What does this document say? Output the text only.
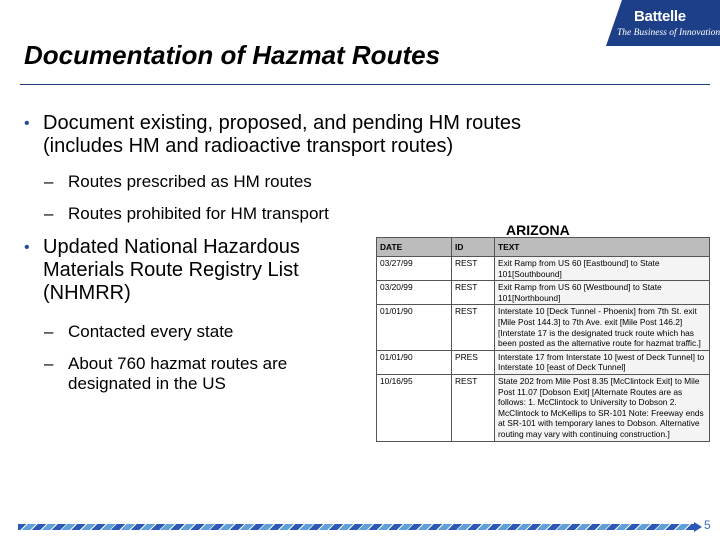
Battelle
The Business of Innovation
Documentation of Hazmat Routes
• Document existing, proposed, and pending HM routes
(includes HM and radioactive transport routes)
– Routes prescribed as HM routes
– Routes prohibited for HM transport
• Updated National Hazardous
Materials Route Registry List
(NHMRR)
– Contacted every state
– About 760 hazmat routes are
designated in the US
ARIZONA
DATE	ID	TEXT
03/27/99	REST	Exit Ramp from US 60 [Eastbound] to State 101[Southbound]
03/20/99	REST	Exit Ramp from US 60 [Westbound] to State 101[Northbound]
01/01/90	REST	Interstate 10 [Deck Tunnel - Phoenix] from 7th St. exit [Mile Post 144.3] to 7th Ave. exit [Mile Post 146.2] [Interstate 17 is the designated truck route which has been posted as the alternative route for hazmat traffic.]
01/01/90	PRES	Interstate 17 from Interstate 10 [west of Deck Tunnel] to Interstate 10 [east of Deck Tunnel]
10/16/95	REST	State 202 from Mile Post 8.35 [McClintock Exit] to Mile Post 11.07 [Dobson Exit] [Alternate Routes are as follows: 1. McClintock to University to Dobson 2. McClintock to McKellips to SR-101 Note: Freeway ends at SR-101 with temporary lanes to Dobson. Alternative routing may vary with continuing construction.]
5
